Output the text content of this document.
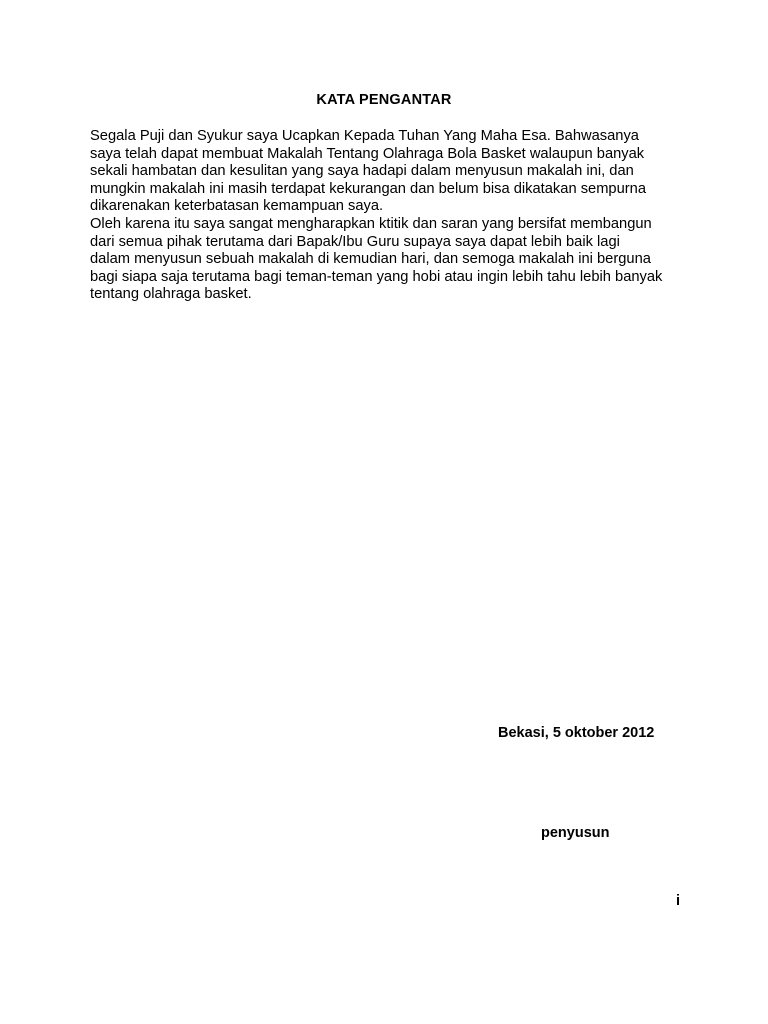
KATA PENGANTAR
Segala Puji dan Syukur saya Ucapkan Kepada Tuhan Yang Maha Esa. Bahwasanya
saya telah dapat membuat Makalah Tentang Olahraga Bola Basket walaupun banyak
sekali hambatan dan kesulitan yang saya hadapi dalam menyusun makalah ini, dan
mungkin makalah ini masih terdapat kekurangan dan belum bisa dikatakan sempurna
dikarenakan keterbatasan kemampuan saya.
Oleh karena itu saya sangat mengharapkan ktitik dan saran yang bersifat membangun
dari semua pihak terutama dari Bapak/Ibu Guru supaya saya dapat lebih baik lagi
dalam menyusun sebuah makalah di kemudian hari, dan semoga makalah ini berguna
bagi siapa saja terutama bagi teman-teman yang hobi atau ingin lebih tahu lebih banyak
tentang olahraga basket.
Bekasi, 5 oktober 2012
penyusun
i
